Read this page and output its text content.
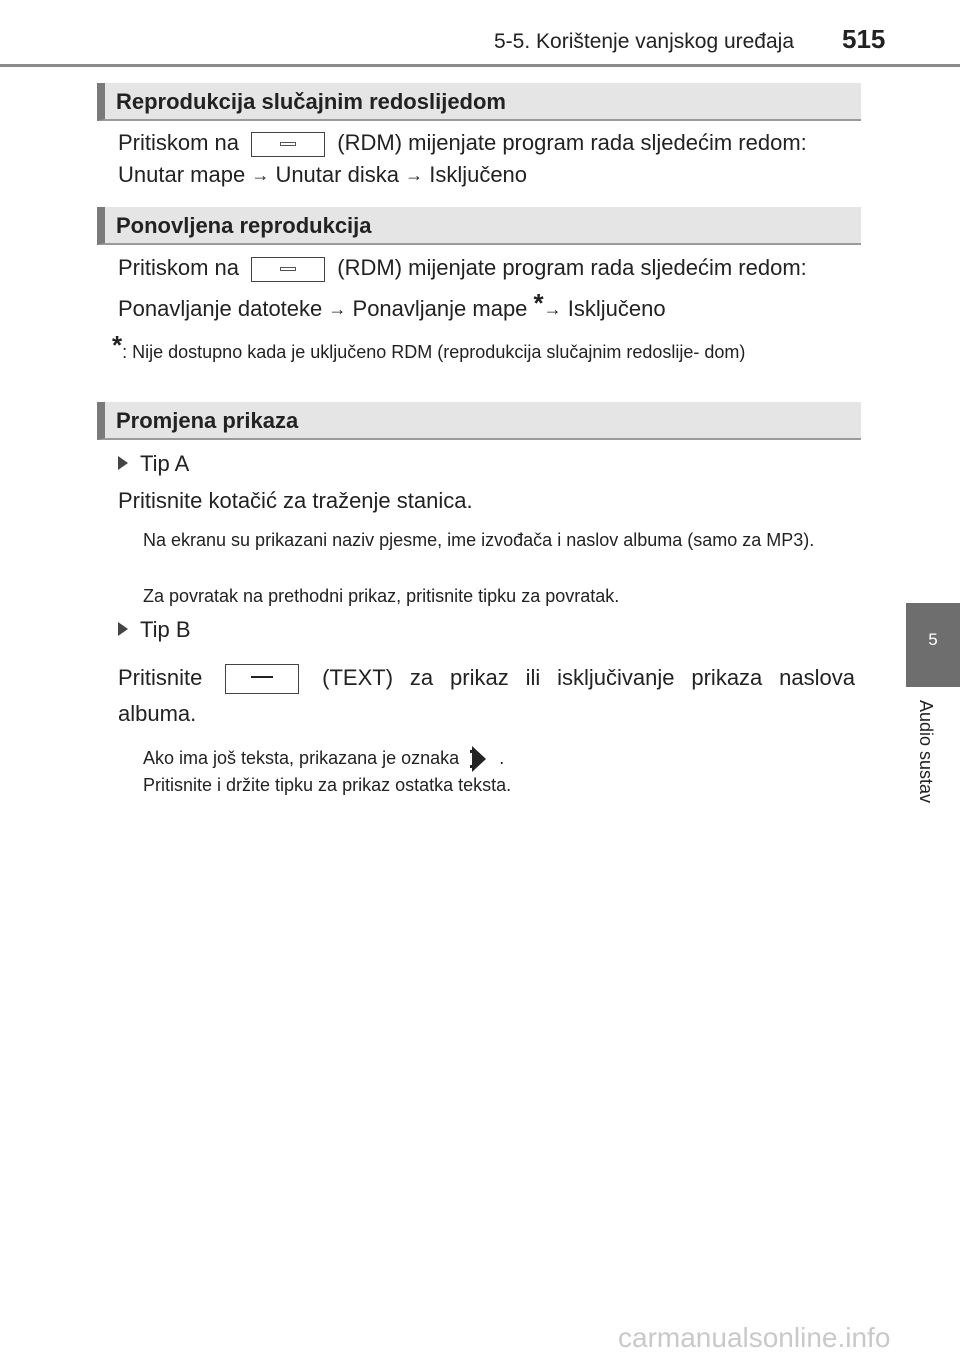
5-5. Korištenje vanjskog uređaja 515
5
Audio sustav
Reprodukcija slučajnim redoslijedom
Pritiskom na	(RDM) mijenjate program rada sljedećim redom:
Unutar mape → Unutar diska → Isključeno
Ponovljena reprodukcija
Pritiskom na	(RDM) mijenjate program rada sljedećim redom:
Ponavljanje datoteke → Ponavljanje mape *→ Isključeno
*: Nije dostupno kada je uključeno RDM (reprodukcija slučajnim redoslije- dom)
Promjena prikaza
Tip A
Pritisnite kotačić za traženje stanica.
Na ekranu su prikazani naziv pjesme, ime izvođača i naslov albuma (samo za MP3).
Za povratak na prethodni prikaz, pritisnite tipku za povratak.
Tip B
Pritisnite	(TEXT) za prikaz ili isključivanje prikaza naslova
albuma.
Ako ima još teksta, prikazana je oznaka .
Pritisnite i držite tipku za prikaz ostatka teksta.
carmanualsonline.info
